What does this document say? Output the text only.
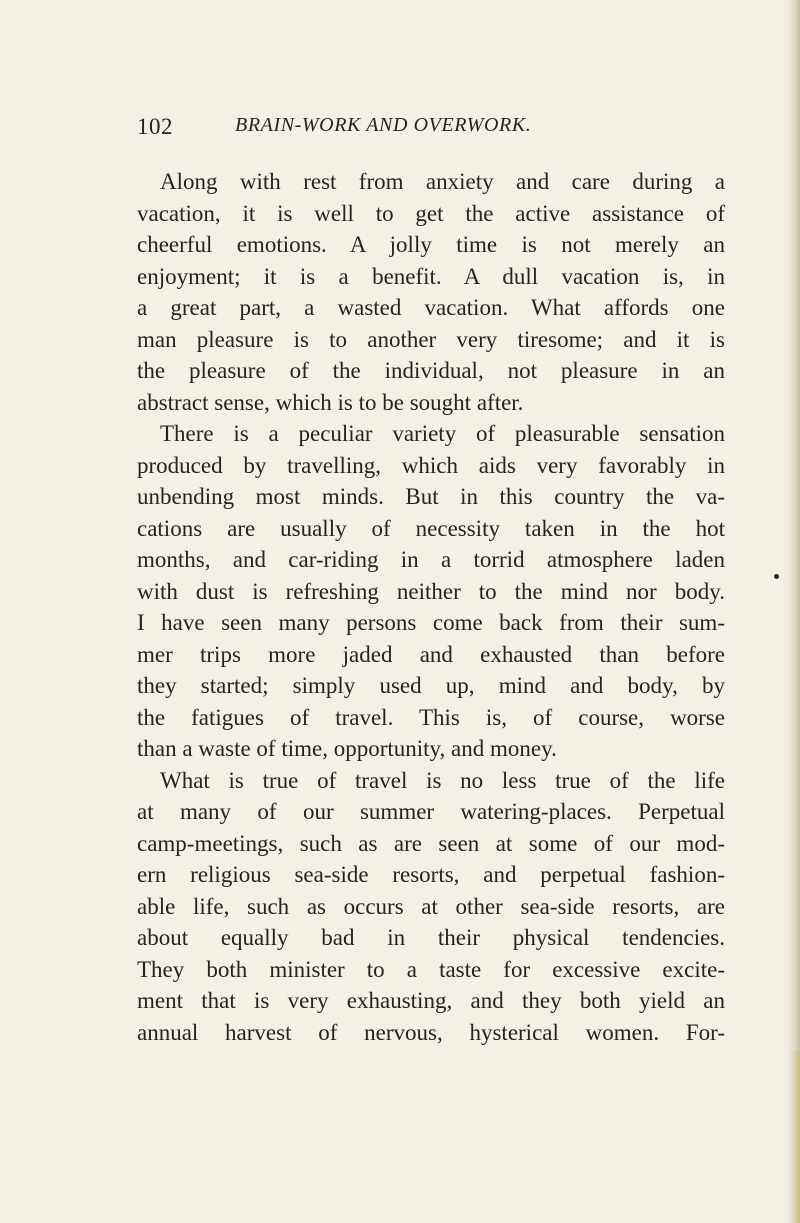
102	BRAIN-WORK AND OVERWORK.
Along with rest from anxiety and care during a
vacation, it is well to get the active assistance of
cheerful emotions. A jolly time is not merely an
enjoyment; it is a benefit. A dull vacation is, in
a great part, a wasted vacation. What affords one
man pleasure is to another very tiresome; and it is
the pleasure of the individual, not pleasure in an
abstract sense, which is to be sought after.
There is a peculiar variety of pleasurable sensation
produced by travelling, which aids very favorably in
unbending most minds. But in this country the va-
cations are usually of necessity taken in the hot
months, and car-riding in a torrid atmosphere laden
with dust is refreshing neither to the mind nor body.
I have seen many persons come back from their sum-
mer trips more jaded and exhausted than before
they started; simply used up, mind and body, by
the fatigues of travel. This is, of course, worse
than a waste of time, opportunity, and money.
What is true of travel is no less true of the life
at many of our summer watering-places. Perpetual
camp-meetings, such as are seen at some of our mod-
ern religious sea-side resorts, and perpetual fashion-
able life, such as occurs at other sea-side resorts, are
about equally bad in their physical tendencies.
They both minister to a taste for excessive excite-
ment that is very exhausting, and they both yield an
annual harvest of nervous, hysterical women. For-
